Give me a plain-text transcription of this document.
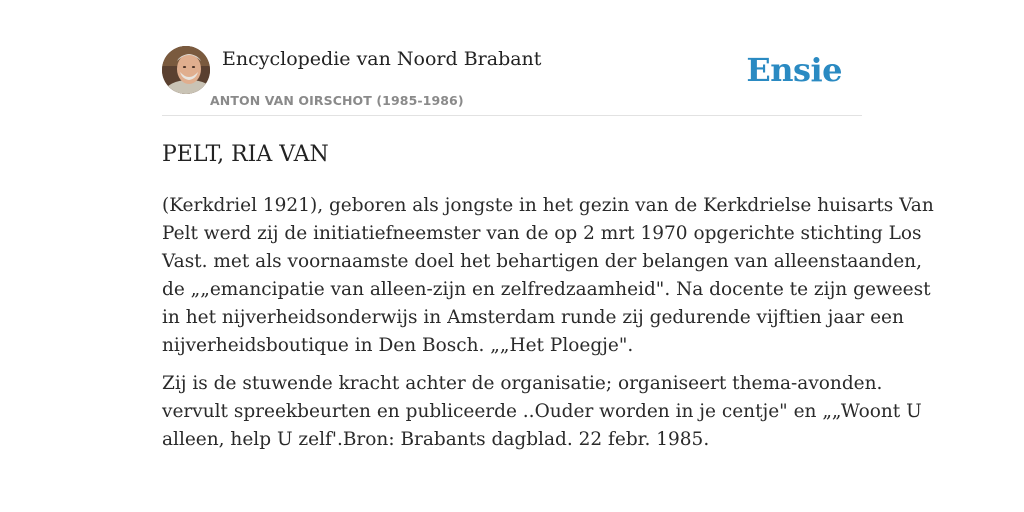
Encyclopedie van Noord Brabant
ANTON VAN OIRSCHOT (1985-1986)
Ensie
PELT, RIA VAN

(Kerkdriel 1921), geboren als jongste in het gezin van de Kerkdrielse huisarts Van
Pelt werd zij de initiatiefneemster van de op 2 mrt 1970 opgerichte stichting Los
Vast. met als voornaamste doel het behartigen der belangen van alleenstaanden,
de „„emancipatie van alleen-zijn en zelfredzaamheid". Na docente te zijn geweest
in het nijverheidsonderwijs in Amsterdam runde zij gedurende vijftien jaar een
nijverheidsboutique in Den Bosch. „„Het Ploegje".

Zij is de stuwende kracht achter de organisatie; organiseert thema-avonden.
vervult spreekbeurten en publiceerde ..Ouder worden in je centje" en „„Woont U
alleen, help U zelf'.Bron: Brabants dagblad. 22 febr. 1985.
